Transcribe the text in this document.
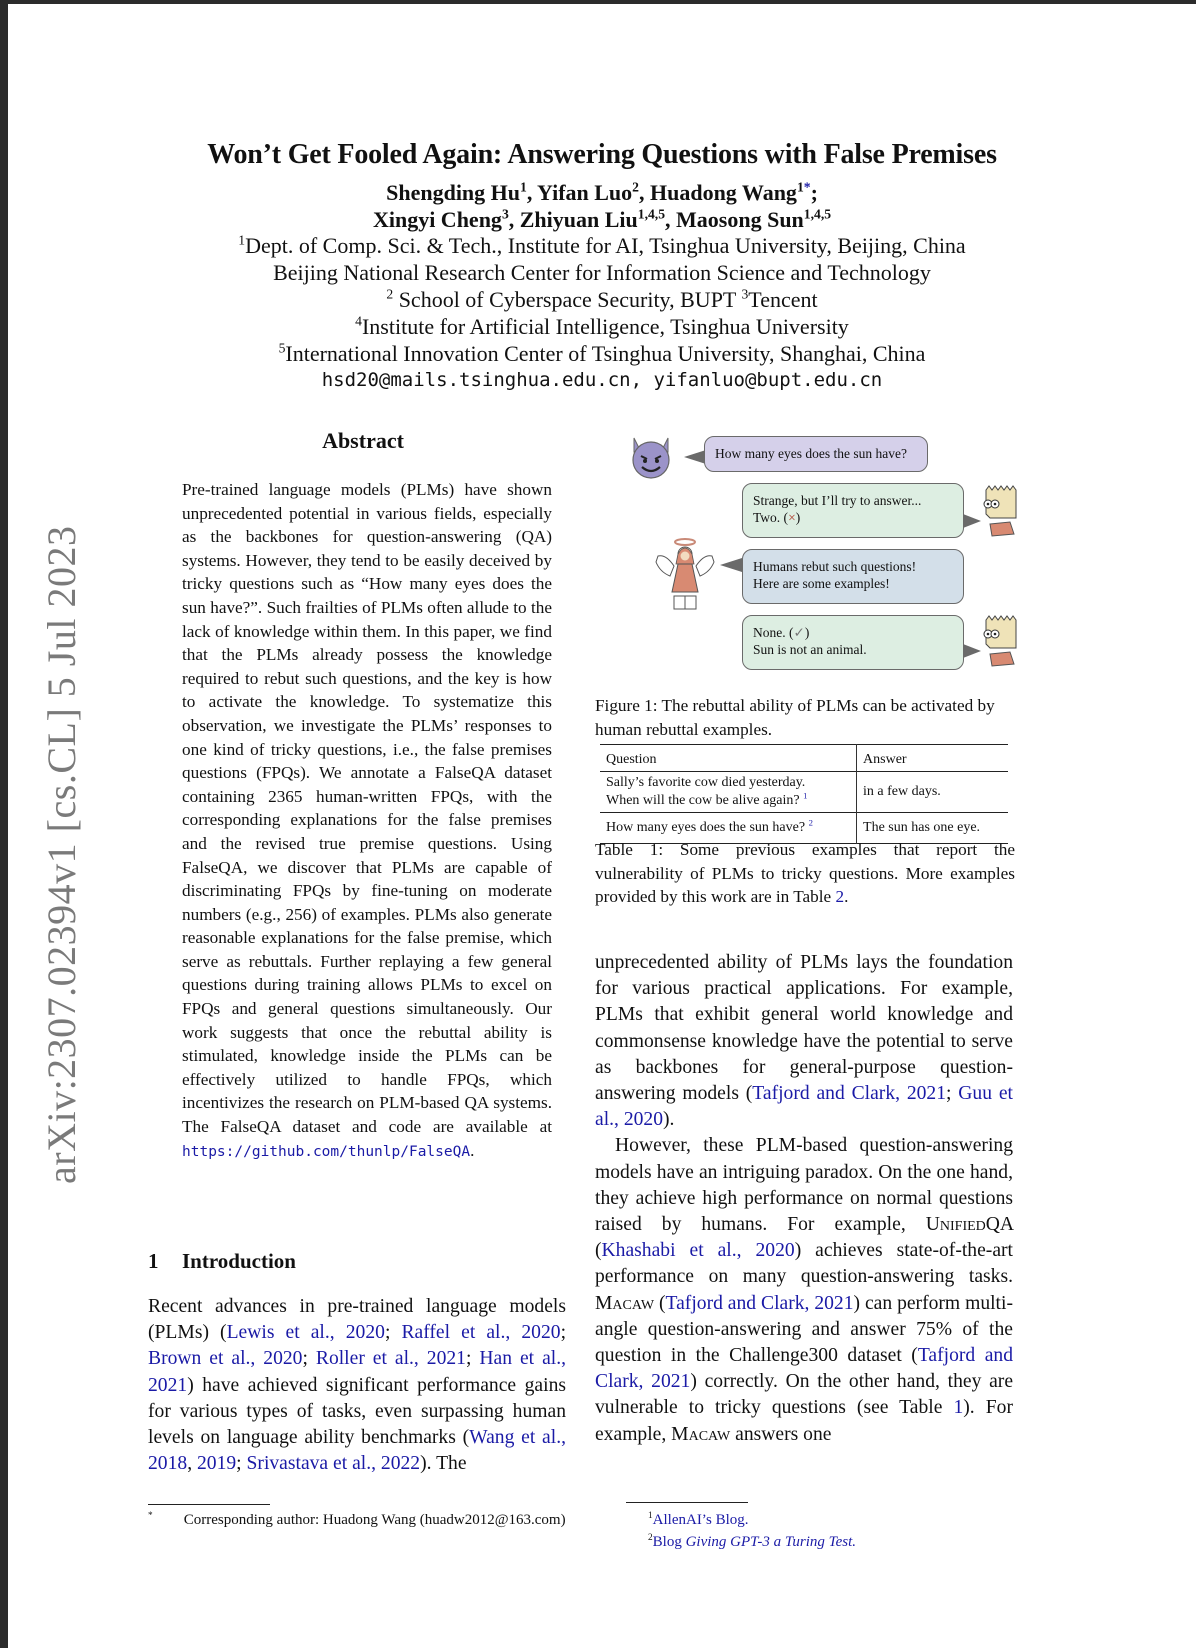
arXiv:2307.02394v1 [cs.CL] 5 Jul 2023
Won’t Get Fooled Again: Answering Questions with False Premises
Shengding Hu$^1$, Yifan Luo$^2$, Huadong Wang$^{1*}$;
Xingyi Cheng$^3$, Zhiyuan Liu$^{1,4,5}$, Maosong Sun$^{1,4,5}$
$^1$Dept. of Comp. Sci. & Tech., Institute for AI, Tsinghua University, Beijing, China
Beijing National Research Center for Information Science and Technology
$^2$ School of Cyberspace Security, BUPT $^3$Tencent
$^4$Institute for Artificial Intelligence, Tsinghua University
$^5$International Innovation Center of Tsinghua University, Shanghai, China
hsd20@mails.tsinghua.edu.cn, yifanluo@bupt.edu.cn
Abstract

Pre-trained language models (PLMs) have shown unprecedented potential in various fields, especially as the backbones for question-answering (QA) systems. However, they tend to be easily deceived by tricky questions such as “How many eyes does the sun have?”. Such frailties of PLMs often allude to the lack of knowledge within them. In this paper, we find that the PLMs already possess the knowledge required to rebut such questions, and the key is how to activate the knowledge. To systematize this observation, we investigate the PLMs’ responses to one kind of tricky questions, i.e., the false premises questions (FPQs). We annotate a FalseQA dataset containing 2365 human-written FPQs, with the corresponding explanations for the false premises and the revised true premise questions. Using FalseQA, we discover that PLMs are capable of discriminating FPQs by fine-tuning on moderate numbers (e.g., 256) of examples. PLMs also generate reasonable explanations for the false premise, which serve as rebuttals. Further replaying a few general questions during training allows PLMs to excel on FPQs and general questions simultaneously. Our work suggests that once the rebuttal ability is stimulated, knowledge inside the PLMs can be effectively utilized to handle FPQs, which incentivizes the research on PLM-based QA systems. The FalseQA dataset and code are available at https://github.com/thunlp/FalseQA.

How many eyes does the sun have?
Strange, but I’ll try to answer...
Two. (×)
Humans rebut such questions!
Here are some examples!
None. (✓)
Sun is not an animal.
Figure 1: The rebuttal ability of PLMs can be activated by human rebuttal examples.
Question	Answer

Sally’s favorite cow died yesterday.
When will the cow be alive again? $^1$	in a few days.
How many eyes does the sun have? $^2$	The sun has one eye.
Table 1: Some previous examples that report the vulnerability of PLMs to tricky questions. More examples provided by this work are in Table 2.
1 Introduction

Recent advances in pre-trained language models (PLMs) (Lewis et al., 2020; Raffel et al., 2020; Brown et al., 2020; Roller et al., 2021; Han et al., 2021) have achieved significant performance gains for various types of tasks, even surpassing human levels on language ability benchmarks (Wang et al., 2018, 2019; Srivastava et al., 2022). The

* Corresponding author: Huadong Wang (huadw2012@163.com)

unprecedented ability of PLMs lays the foundation for various practical applications. For example, PLMs that exhibit general world knowledge and commonsense knowledge have the potential to serve as backbones for general-purpose question-answering models (Tafjord and Clark, 2021; Guu et al., 2020).

However, these PLM-based question-answering models have an intriguing paradox. On the one hand, they achieve high performance on normal questions raised by humans. For example, UnifiedQA (Khashabi et al., 2020) achieves state-of-the-art performance on many question-answering tasks. Macaw (Tafjord and Clark, 2021) can perform multi-angle question-answering and answer 75% of the question in the Challenge300 dataset (Tafjord and Clark, 2021) correctly. On the other hand, they are vulnerable to tricky questions (see Table 1). For example, Macaw answers one

$^1$AllenAI’s Blog.
$^2$Blog Giving GPT-3 a Turing Test.
